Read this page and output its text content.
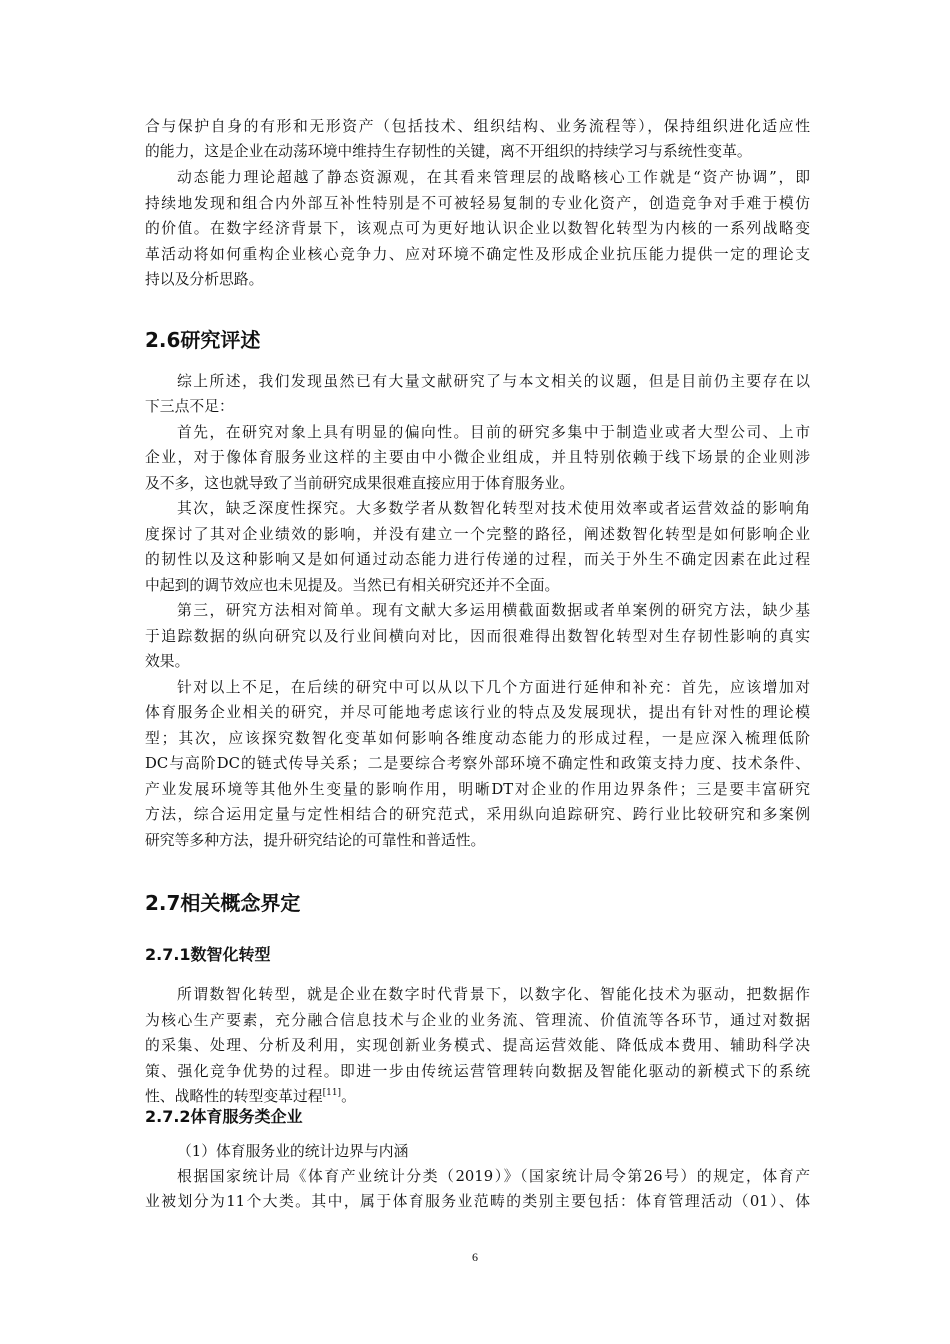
合与保护自身的有形和无形资产（包括技术、组织结构、业务流程等），保持组织进化适应性
的能力，这是企业在动荡环境中维持生存韧性的关键，离不开组织的持续学习与系统性变革。
动态能力理论超越了静态资源观，在其看来管理层的战略核心工作就是“资产协调”，即
持续地发现和组合内外部互补性特别是不可被轻易复制的专业化资产，创造竞争对手难于模仿
的价值。在数字经济背景下，该观点可为更好地认识企业以数智化转型为内核的一系列战略变
革活动将如何重构企业核心竞争力、应对环境不确定性及形成企业抗压能力提供一定的理论支
持以及分析思路。
2.6研究评述
综上所述，我们发现虽然已有大量文献研究了与本文相关的议题，但是目前仍主要存在以
下三点不足：
首先，在研究对象上具有明显的偏向性。目前的研究多集中于制造业或者大型公司、上市
企业，对于像体育服务业这样的主要由中小微企业组成，并且特别依赖于线下场景的企业则涉
及不多，这也就导致了当前研究成果很难直接应用于体育服务业。
其次，缺乏深度性探究。大多数学者从数智化转型对技术使用效率或者运营效益的影响角
度探讨了其对企业绩效的影响，并没有建立一个完整的路径，阐述数智化转型是如何影响企业
的韧性以及这种影响又是如何通过动态能力进行传递的过程，而关于外生不确定因素在此过程
中起到的调节效应也未见提及。当然已有相关研究还并不全面。
第三，研究方法相对简单。现有文献大多运用横截面数据或者单案例的研究方法，缺少基
于追踪数据的纵向研究以及行业间横向对比，因而很难得出数智化转型对生存韧性影响的真实
效果。
针对以上不足，在后续的研究中可以从以下几个方面进行延伸和补充：首先，应该增加对
体育服务企业相关的研究，并尽可能地考虑该行业的特点及发展现状，提出有针对性的理论模
型；其次，应该探究数智化变革如何影响各维度动态能力的形成过程，一是应深入梳理低阶
DC与高阶DC的链式传导关系；二是要综合考察外部环境不确定性和政策支持力度、技术条件、
产业发展环境等其他外生变量的影响作用，明晰DT对企业的作用边界条件；三是要丰富研究
方法，综合运用定量与定性相结合的研究范式，采用纵向追踪研究、跨行业比较研究和多案例
研究等多种方法，提升研究结论的可靠性和普适性。
2.7相关概念界定
2.7.1数智化转型
所谓数智化转型，就是企业在数字时代背景下，以数字化、智能化技术为驱动，把数据作
为核心生产要素，充分融合信息技术与企业的业务流、管理流、价值流等各环节，通过对数据
的采集、处理、分析及利用，实现创新业务模式、提高运营效能、降低成本费用、辅助科学决
策、强化竞争优势的过程。即进一步由传统运营管理转向数据及智能化驱动的新模式下的系统
性、战略性的转型变革过程[11]。
2.7.2体育服务类企业
（1）体育服务业的统计边界与内涵
根据国家统计局《体育产业统计分类（2019）》（国家统计局令第26号）的规定，体育产
业被划分为11个大类。其中，属于体育服务业范畴的类别主要包括：体育管理活动（01）、体
6
